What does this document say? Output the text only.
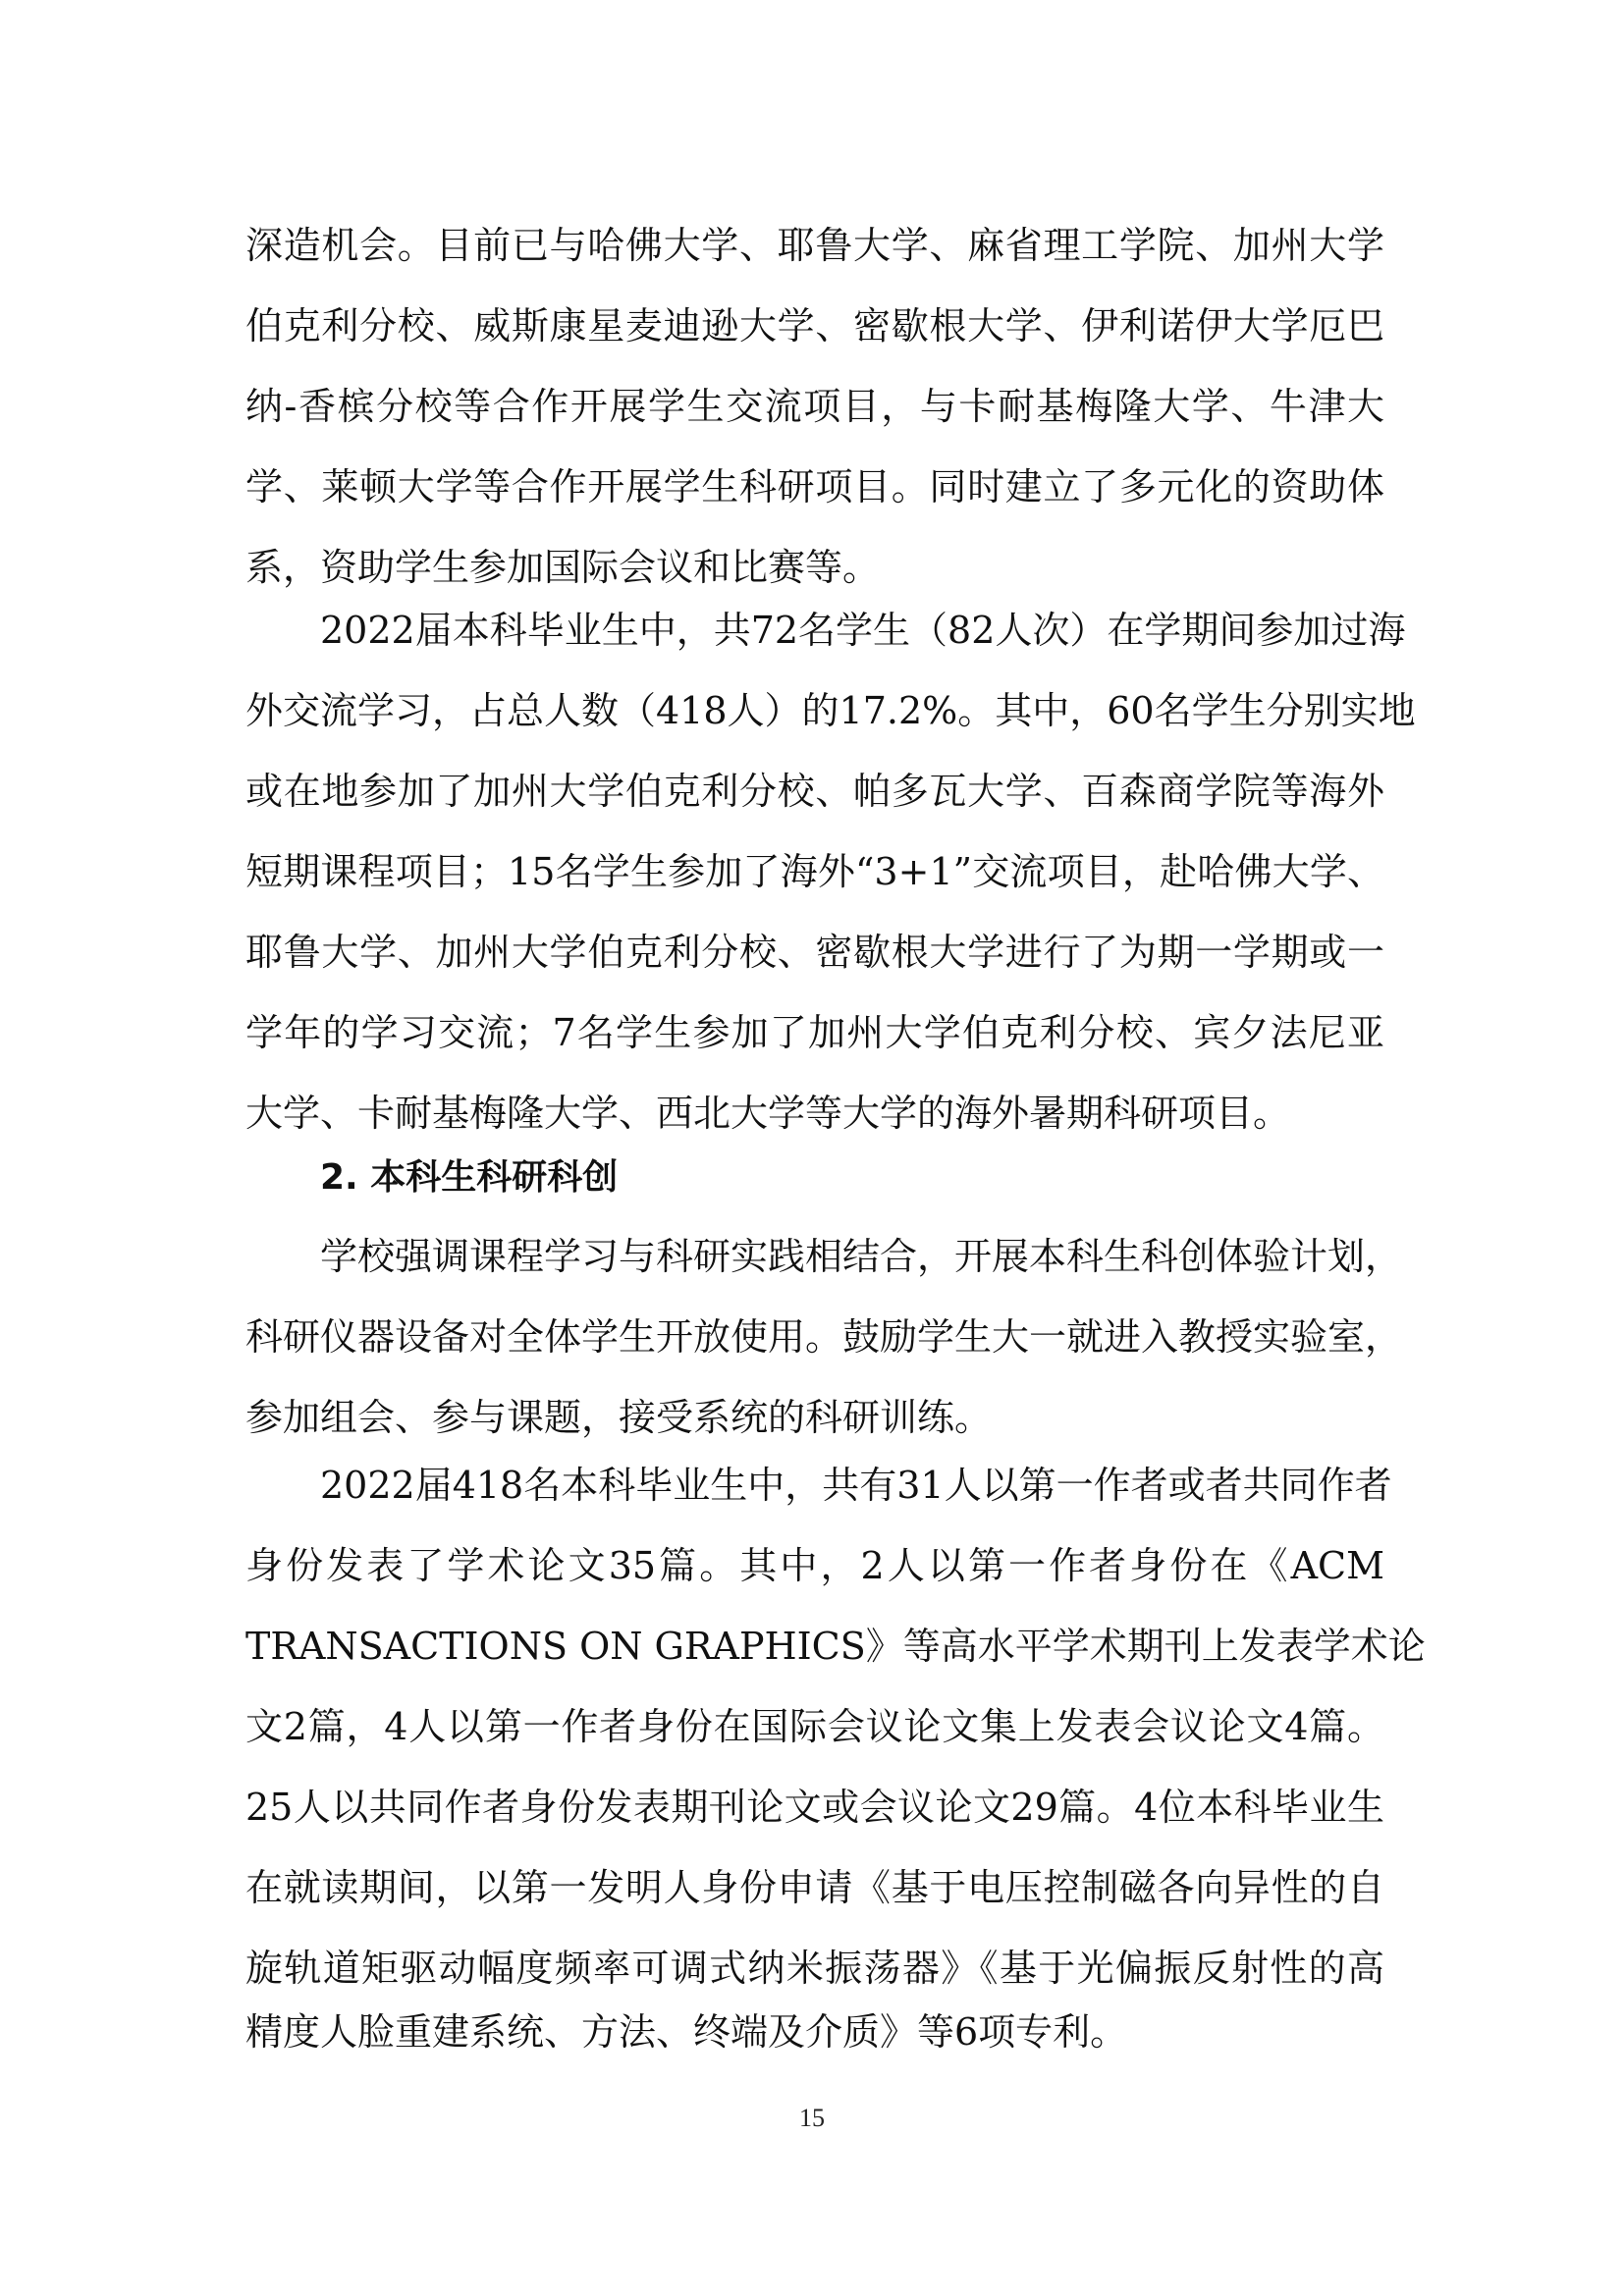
深造机会。目前已与哈佛大学、耶鲁大学、麻省理工学院、加州大学
伯克利分校、威斯康星麦迪逊大学、密歇根大学、伊利诺伊大学厄巴
纳-香槟分校等合作开展学生交流项目，与卡耐基梅隆大学、牛津大
学、莱顿大学等合作开展学生科研项目。同时建立了多元化的资助体
系，资助学生参加国际会议和比赛等。
2022届本科毕业生中，共72名学生（82人次）在学期间参加过海
外交流学习，占总人数（418人）的17.2%。其中，60名学生分别实地
或在地参加了加州大学伯克利分校、帕多瓦大学、百森商学院等海外
短期课程项目；15名学生参加了海外“3+1”交流项目，赴哈佛大学、
耶鲁大学、加州大学伯克利分校、密歇根大学进行了为期一学期或一
学年的学习交流；7名学生参加了加州大学伯克利分校、宾夕法尼亚
大学、卡耐基梅隆大学、西北大学等大学的海外暑期科研项目。
2. 本科生科研科创
学校强调课程学习与科研实践相结合，开展本科生科创体验计划，
科研仪器设备对全体学生开放使用。鼓励学生大一就进入教授实验室，
参加组会、参与课题，接受系统的科研训练。
2022届418名本科毕业生中，共有31人以第一作者或者共同作者
身份发表了学术论文35篇。其中，2人以第一作者身份在《ACM
TRANSACTIONS ON GRAPHICS》等高水平学术期刊上发表学术论
文2篇，4人以第一作者身份在国际会议论文集上发表会议论文4篇。
25人以共同作者身份发表期刊论文或会议论文29篇。4位本科毕业生
在就读期间，以第一发明人身份申请《基于电压控制磁各向异性的自
旋轨道矩驱动幅度频率可调式纳米振荡器》《基于光偏振反射性的高
精度人脸重建系统、方法、终端及介质》等6项专利。
15
